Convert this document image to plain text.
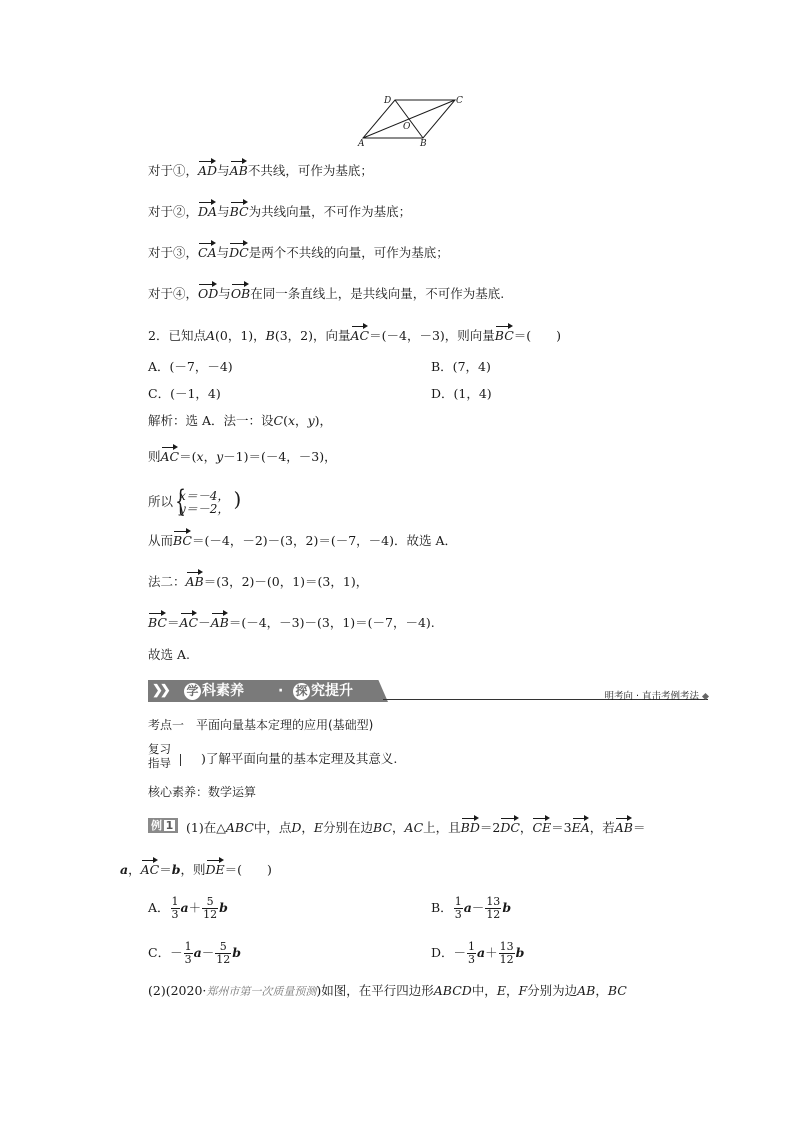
D	C
O
A	B
对于①，AD与AB不共线，可作为基底；
对于②，DA与BC为共线向量，不可作为基底；
对于③，CA与DC是两个不共线的向量，可作为基底；
对于④，OD与OB在同一条直线上，是共线向量，不可作为基底.
2．已知点A(0，1)，B(3，2)，向量AC＝(－4，－3)，则向量BC＝(　　)
A．(－7，－4)	B．(7，4)
C．(－1，4)	D．(1，4)
解析：选 A．法一：设C(x，y)，
则AC＝(x，y－1)＝(－4，－3)，
所以
{ x＝－4，
y＝－2， )
从而BC＝(－4，－2)－(3，2)＝(－7，－4)．故选 A．
法二：AB＝(3，2)－(0，1)＝(3，1)，
BC＝AC－AB＝(－4，－3)－(3，1)＝(－7，－4).
故选 A.
❯❯ 学 科素养 · 探 究提升	明考向 · 直击考例考法
考点一　平面向量基本定理的应用(基础型)
复习
指导	)了解平面向量的基本定理及其意义.
核心素养：数学运算
例 1	(1)在△ABC中，点D，E分别在边BC，AC上，且BD＝2DC，CE＝3EA，若AB＝
a，AC＝b，则DE＝(　　)
A． $\frac{1}{3} a+ \frac{5}{12}$ b	B． $\frac{1}{3} a- \frac{13}{12}$ b
C．－ $\frac{1}{3} a- \frac{5}{12}$ b	D．－ $\frac{1}{3} a+ \frac{13}{12}$ b
(2)(2020·郑州市第一次质量预测)如图，在平行四边形ABCD中，E，F分别为边AB，BC
